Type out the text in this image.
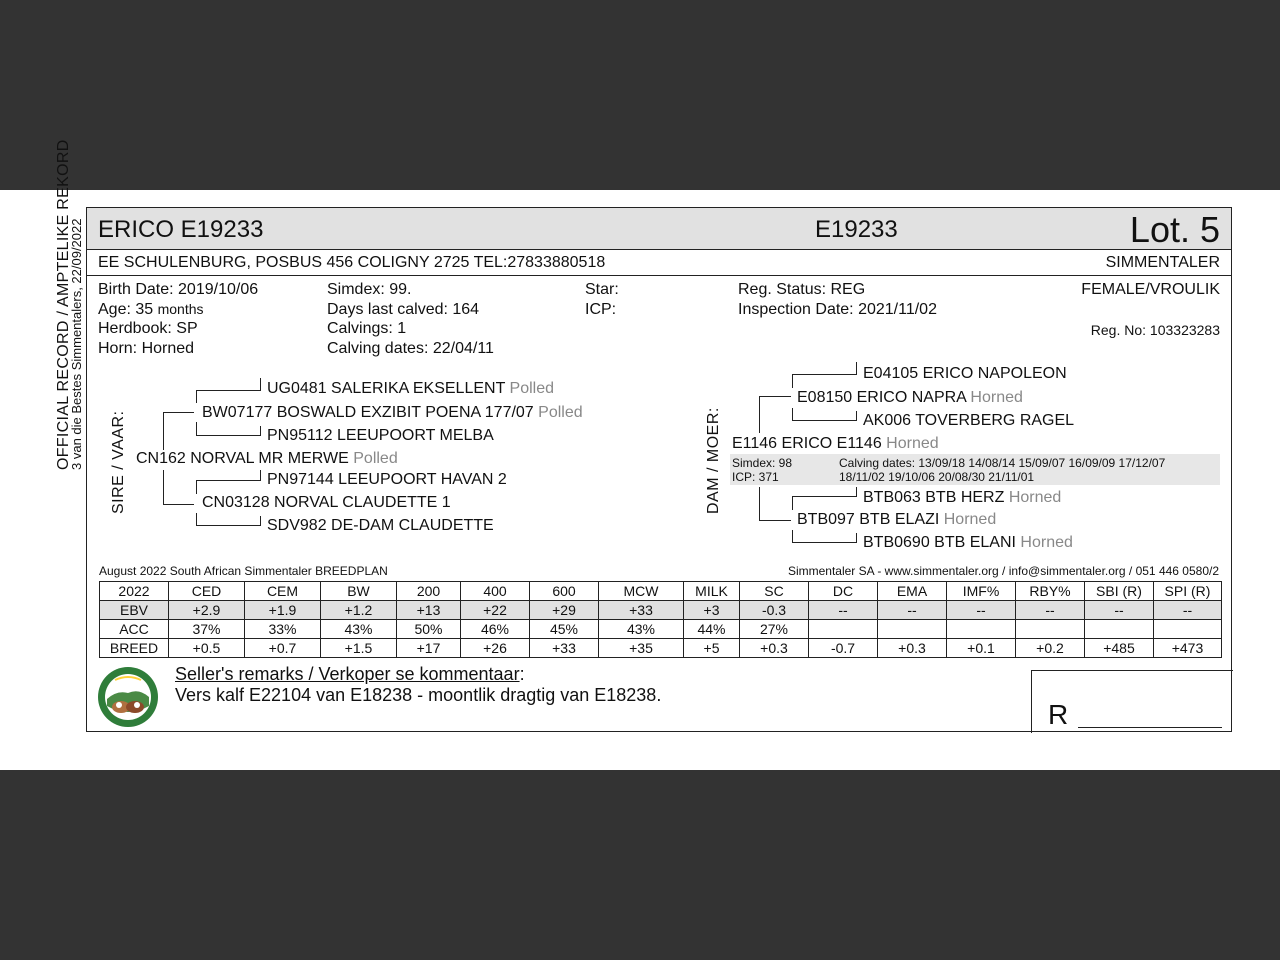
OFFICIAL RECORD / AMPTELIKE REKORD
3 van die Bestes Simmentalers, 22/09/2022 ERICO E19233	E19233	Lot. 5
EE SCHULENBURG, POSBUS 456 COLIGNY 2725 TEL:27833880518	SIMMENTALER
Birth Date: 2019/10/06
Age: 35 months
Herdbook: SP
Horn: Horned
Simdex: 99.
Days last calved: 164
Calvings: 1
Calving dates: 22/04/11
Star:
ICP:
Reg. Status: REG
Inspection Date: 2021/11/02
FEMALE/VROULIK
Reg. No: 103323283
SIRE / VAAR:
UG0481 SALERIKA EKSELLENT Polled
BW07177 BOSWALD EXZIBIT POENA 177/07 Polled
PN95112 LEEUPOORT MELBA
CN162 NORVAL MR MERWE Polled
PN97144 LEEUPOORT HAVAN 2
CN03128 NORVAL CLAUDETTE 1
SDV982 DE-DAM CLAUDETTE
DAM / MOER:
E04105 ERICO NAPOLEON
E08150 ERICO NAPRA Horned
AK006 TOVERBERG RAGEL
E1146 ERICO E1146 Horned
Simdex: 98
ICP: 371
Calving dates: 13/09/18 14/08/14 15/09/07 16/09/09 17/12/07
18/11/02 19/10/06 20/08/30 21/11/01
BTB063 BTB HERZ Horned
BTB097 BTB ELAZI Horned
BTB0690 BTB ELANI Horned
August 2022 South African Simmentaler BREEDPLAN	Simmentaler SA - www.simmentaler.org / info@simmentaler.org / 051 446 0580/2
2022	CED	CEM	BW	200	400	600	MCW	MILK	SC	DC	EMA	IMF%	RBY%	SBI (R)	SPI (R)
EBV	+2.9	+1.9	+1.2	+13	+22	+29	+33	+3	-0.3	--	--	--	--	--	--
ACC	37%	33%	43%	50%	46%	45%	43%	44%	27%						
BREED	+0.5	+0.7	+1.5	+17	+26	+33	+35	+5	+0.3	-0.7	+0.3	+0.1	+0.2	+485	+473
Seller's remarks / Verkoper se kommentaar:
Vers kalf E22104 van E18238 - moontlik dragtig van E18238.
R
